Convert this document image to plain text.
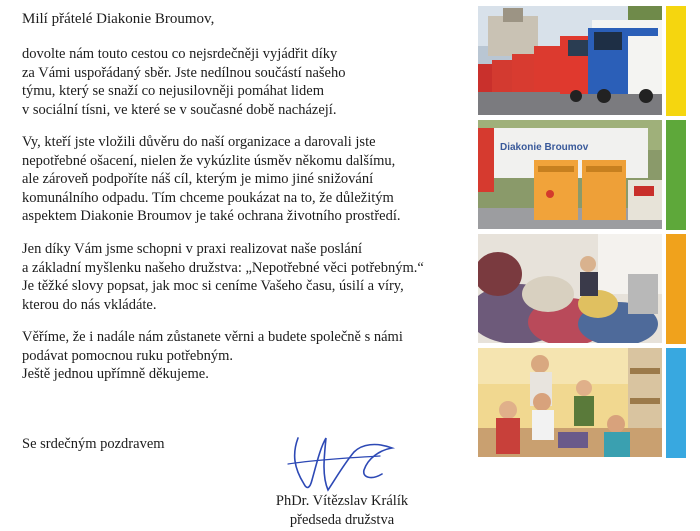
Milí přátelé Diakonie Broumov,

dovolte nám touto cestou co nejsrdečněji vyjádřit díky
za Vámi uspořádaný sběr. Jste nedílnou součástí našeho
týmu, který se snaží co nejusilovněji pomáhat lidem
v sociální tísni, ve které se v současné době nacházejí.

Vy, kteří jste vložili důvěru do naší organizace a darovali jste
nepotřebné ošacení, nielen že vykúzlite úsměv někomu dalšímu,
ale zároveň podpoříte náš cíl, kterým je mimo jiné snižování
komunálního odpadu. Tím chceme poukázat na to, že důležitým
aspektem Diakonie Broumov je také ochrana životního prostředí.

Jen díky Vám jsme schopni v praxi realizovat naše poslání
a základní myšlenku našeho družstva: „Nepotřebné věci potřebným.“
Je těžké slovy popsat, jak moc si ceníme Vašeho času, úsilí a víry,
kterou do nás vkládáte.

Věříme, že i nadále nám zůstanete věrni a budete společně s námi
podávat pomocnou ruku potřebným.
Ještě jednou upřímně děkujeme.

Se srdečným pozdravem
PhDr. Vítězslav Králík
předseda družstva
Diakonie Broumov
